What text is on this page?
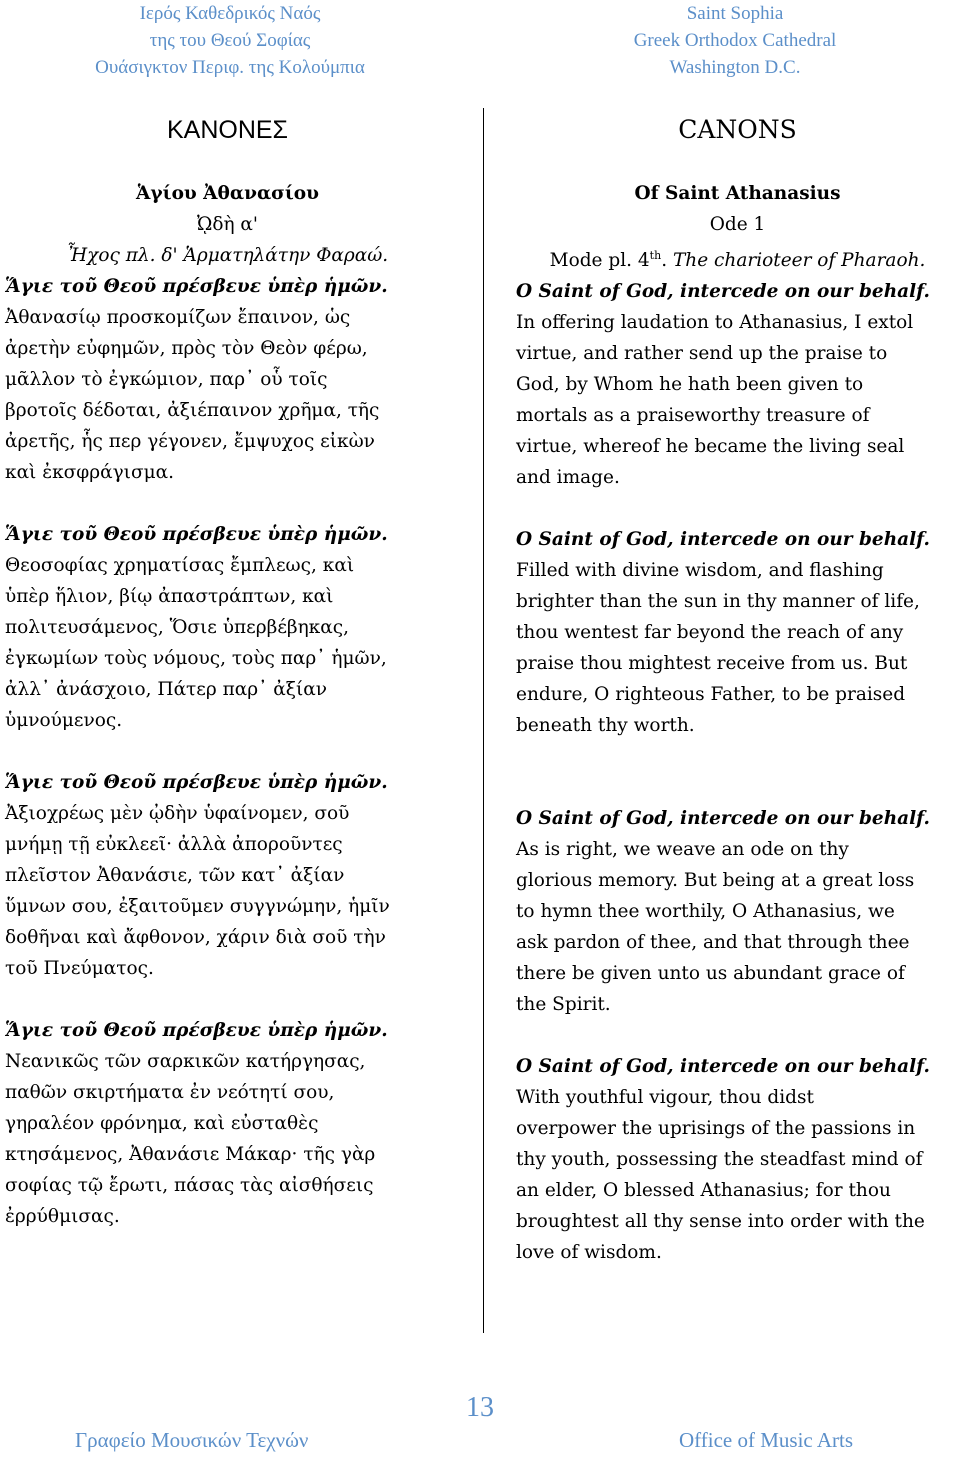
Ιερός Καθεδρικός Ναός
της του Θεού Σοφίας
Ουάσιγκτον Περιφ. της Κολούμπια
Saint Sophia
Greek Orthodox Cathedral
Washington D.C.
ΚΑΝΟΝΕΣ
Ἁγίου Ἀθανασίου
ᾨδὴ α'
Ἦχος πλ. δ' Ἁρματηλάτην Φαραώ.
Ἅγιε τοῦ Θεοῦ πρέσβευε ὑπὲρ ἡμῶν.
Ἀθανασίῳ προσκομίζων ἔπαινον, ὡς
ἀρετὴν εὐφημῶν, πρὸς τὸν Θεὸν φέρω,
μᾶλλον τὸ ἐγκώμιον, παρ᾽ οὗ τοῖς
βροτοῖς δέδοται, ἀξιέπαινον χρῆμα, τῆς
ἀρετῆς, ἧς περ γέγονεν, ἔμψυχος εἰκὼν
καὶ ἐκσφράγισμα.
Ἅγιε τοῦ Θεοῦ πρέσβευε ὑπὲρ ἡμῶν.
Θεοσοφίας χρηματίσας ἔμπλεως, καὶ
ὑπὲρ ἥλιον, βίῳ ἀπαστράπτων, καὶ
πολιτευσάμενος, Ὅσιε ὑπερβέβηκας,
ἐγκωμίων τοὺς νόμους, τοὺς παρ᾽ ἡμῶν,
ἀλλ᾽ ἀνάσχοιο, Πάτερ παρ᾽ ἀξίαν
ὑμνούμενος.
Ἅγιε τοῦ Θεοῦ πρέσβευε ὑπὲρ ἡμῶν.
Ἀξιοχρέως μὲν ᾠδὴν ὑφαίνομεν, σοῦ
μνήμῃ τῇ εὐκλεεῖ· ἀλλὰ ἀποροῦντες
πλεῖστον Ἀθανάσιε, τῶν κατ᾽ ἀξίαν
ὕμνων σου, ἐξαιτοῦμεν συγγνώμην, ἡμῖν
δοθῆναι καὶ ἄφθονον, χάριν διὰ σοῦ τὴν
τοῦ Πνεύματος.
Ἅγιε τοῦ Θεοῦ πρέσβευε ὑπὲρ ἡμῶν.
Νεανικῶς τῶν σαρκικῶν κατήργησας,
παθῶν σκιρτήματα ἐν νεότητί σου,
γηραλέον φρόνημα, καὶ εὐσταθὲς
κτησάμενος, Ἀθανάσιε Μάκαρ· τῆς γὰρ
σοφίας τῷ ἔρωτι, πάσας τὰς αἰσθήσεις
ἐρρύθμισας.
CANONS
Of Saint Athanasius
Ode 1
Mode pl. 4th. The charioteer of Pharaoh.
O Saint of God, intercede on our behalf.
In offering laudation to Athanasius, I extol
virtue, and rather send up the praise to
God, by Whom he hath been given to
mortals as a praiseworthy treasure of
virtue, whereof he became the living seal
and image.
O Saint of God, intercede on our behalf.
Filled with divine wisdom, and flashing
brighter than the sun in thy manner of life,
thou wentest far beyond the reach of any
praise thou mightest receive from us. But
endure, O righteous Father, to be praised
beneath thy worth.
O Saint of God, intercede on our behalf.
As is right, we weave an ode on thy
glorious memory. But being at a great loss
to hymn thee worthily, O Athanasius, we
ask pardon of thee, and that through thee
there be given unto us abundant grace of
the Spirit.
O Saint of God, intercede on our behalf.
With youthful vigour, thou didst
overpower the uprisings of the passions in
thy youth, possessing the steadfast mind of
an elder, O blessed Athanasius; for thou
broughtest all thy sense into order with the
love of wisdom.
13
Γραφείο Μουσικών Τεχνών	Office of Music Arts
